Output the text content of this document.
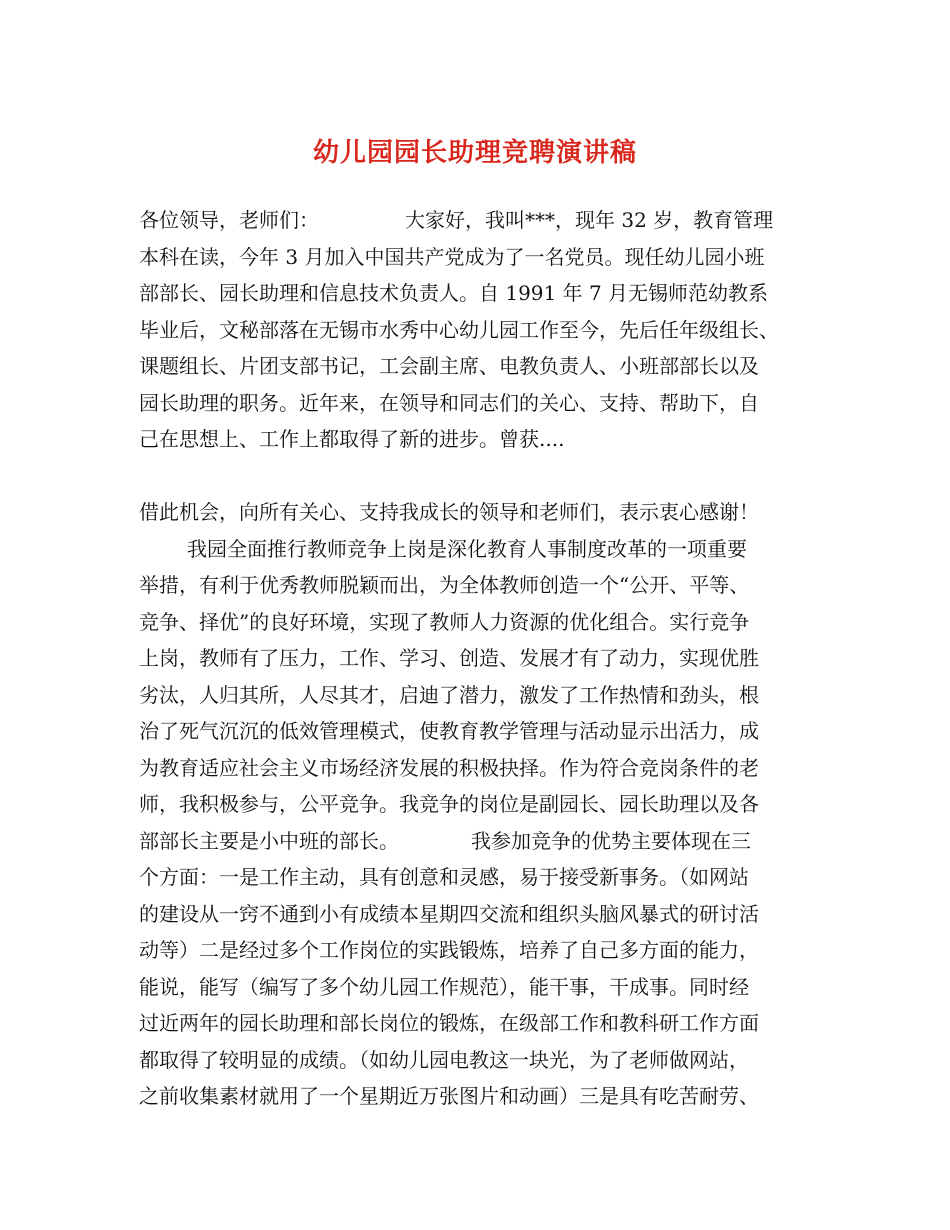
幼儿园园长助理竞聘演讲稿
各位领导，老师们：	大家好，我叫***，现年 32 岁，教育管理
本科在读，今年 3 月加入中国共产党成为了一名党员。现任幼儿园小班
部部长、园长助理和信息技术负责人。自 1991 年 7 月无锡师范幼教系
毕业后，文秘部落在无锡市水秀中心幼儿园工作至今，先后任年级组长、
课题组长、片团支部书记，工会副主席、电教负责人、小班部部长以及
园长助理的职务。近年来，在领导和同志们的关心、支持、帮助下，自
己在思想上、工作上都取得了新的进步。曾获....
借此机会，向所有关心、支持我成长的领导和老师们，表示衷心感谢！
我园全面推行教师竞争上岗是深化教育人事制度改革的一项重要
举措，有利于优秀教师脱颖而出，为全体教师创造一个“公开、平等、
竞争、择优”的良好环境，实现了教师人力资源的优化组合。实行竞争
上岗，教师有了压力，工作、学习、创造、发展才有了动力，实现优胜
劣汰，人归其所，人尽其才，启迪了潜力，激发了工作热情和劲头，根
治了死气沉沉的低效管理模式，使教育教学管理与活动显示出活力，成
为教育适应社会主义市场经济发展的积极抉择。作为符合竞岗条件的老
师，我积极参与，公平竞争。我竞争的岗位是副园长、园长助理以及各
部部长主要是小中班的部长。	我参加竞争的优势主要体现在三
个方面：一是工作主动，具有创意和灵感，易于接受新事务。（如网站
的建设从一窍不通到小有成绩本星期四交流和组织头脑风暴式的研讨活
动等）二是经过多个工作岗位的实践锻炼，培养了自己多方面的能力，
能说，能写（编写了多个幼儿园工作规范），能干事，干成事。同时经
过近两年的园长助理和部长岗位的锻炼，在级部工作和教科研工作方面
都取得了较明显的成绩。（如幼儿园电教这一块光，为了老师做网站，
之前收集素材就用了一个星期近万张图片和动画）三是具有吃苦耐劳、
